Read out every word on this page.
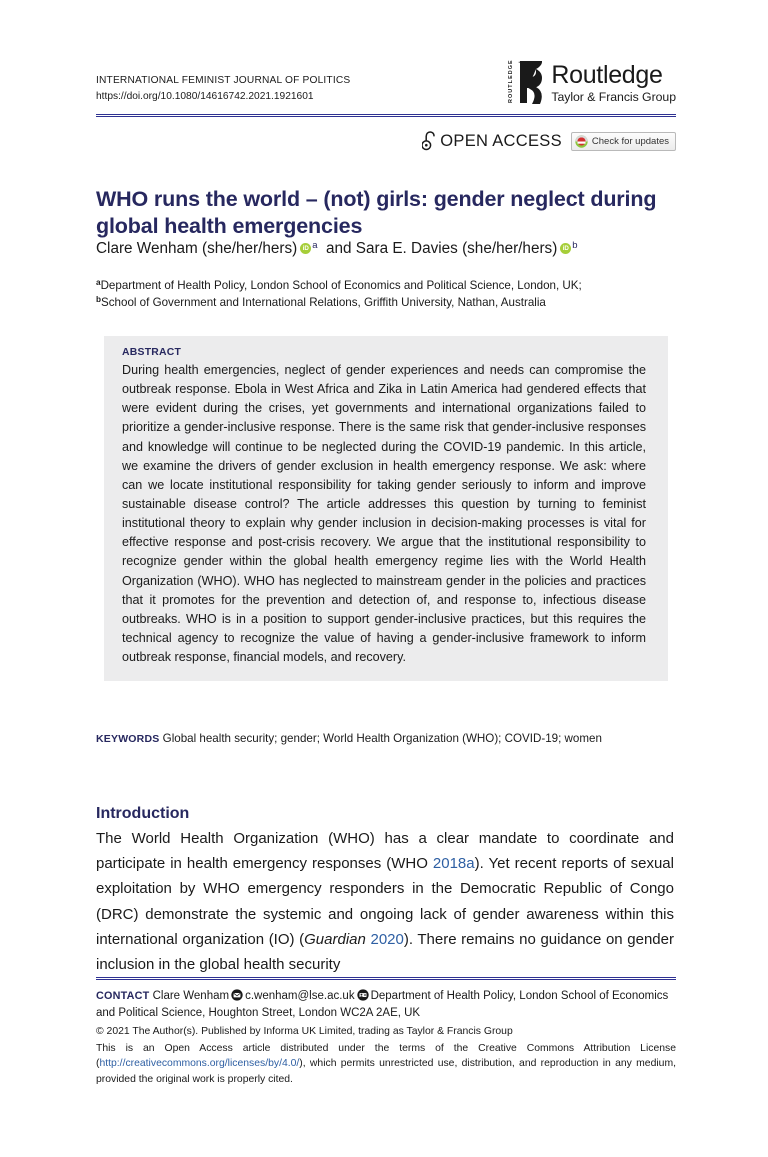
INTERNATIONAL FEMINIST JOURNAL OF POLITICS
https://doi.org/10.1080/14616742.2021.1921601	ROUTLEDGE Routledge
Taylor & Francis Group
OPEN ACCESS	Check for updates
WHO runs the world – (not) girls: gender neglect during global health emergencies
Clare Wenham (she/her/hers) iD $^a$ and Sara E. Davies (she/her/hers) iD $^b$
$^a$Department of Health Policy, London School of Economics and Political Science, London, UK;
$^b$School of Government and International Relations, Griffith University, Nathan, Australia
ABSTRACT

During health emergencies, neglect of gender experiences and needs can compromise the outbreak response. Ebola in West Africa and Zika in Latin America had gendered effects that were evident during the crises, yet governments and international organizations failed to prioritize a gender-inclusive response. There is the same risk that gender-inclusive responses and knowledge will continue to be neglected during the COVID-19 pandemic. In this article, we examine the drivers of gender exclusion in health emergency response. We ask: where can we locate institutional responsibility for taking gender seriously to inform and improve sustainable disease control? The article addresses this question by turning to feminist institutional theory to explain why gender inclusion in decision-making processes is vital for effective response and post-crisis recovery. We argue that the institutional responsibility to recognize gender within the global health emergency regime lies with the World Health Organization (WHO). WHO has neglected to mainstream gender in the policies and practices that it promotes for the prevention and detection of, and response to, infectious disease outbreaks. WHO is in a position to support gender-inclusive practices, but this requires the technical agency to recognize the value of having a gender-inclusive framework to inform outbreak response, financial models, and recovery.

KEYWORDS Global health security; gender; World Health Organization (WHO); COVID-19; women
Introduction

The World Health Organization (WHO) has a clear mandate to coordinate and participate in health emergency responses (WHO 2018a). Yet recent reports of sexual exploitation by WHO emergency responders in the Democratic Republic of Congo (DRC) demonstrate the systemic and ongoing lack of gender awareness within this international organization (IO) (Guardian 2020). There remains no guidance on gender inclusion in the global health security

CONTACT Clare Wenham c.wenham@lse.ac.uk Department of Health Policy, London School of Economics and Political Science, Houghton Street, London WC2A 2AE, UK
© 2021 The Author(s). Published by Informa UK Limited, trading as Taylor & Francis Group
This is an Open Access article distributed under the terms of the Creative Commons Attribution License (http://creativecommons.org/licenses/by/4.0/), which permits unrestricted use, distribution, and reproduction in any medium, provided the original work is properly cited.
